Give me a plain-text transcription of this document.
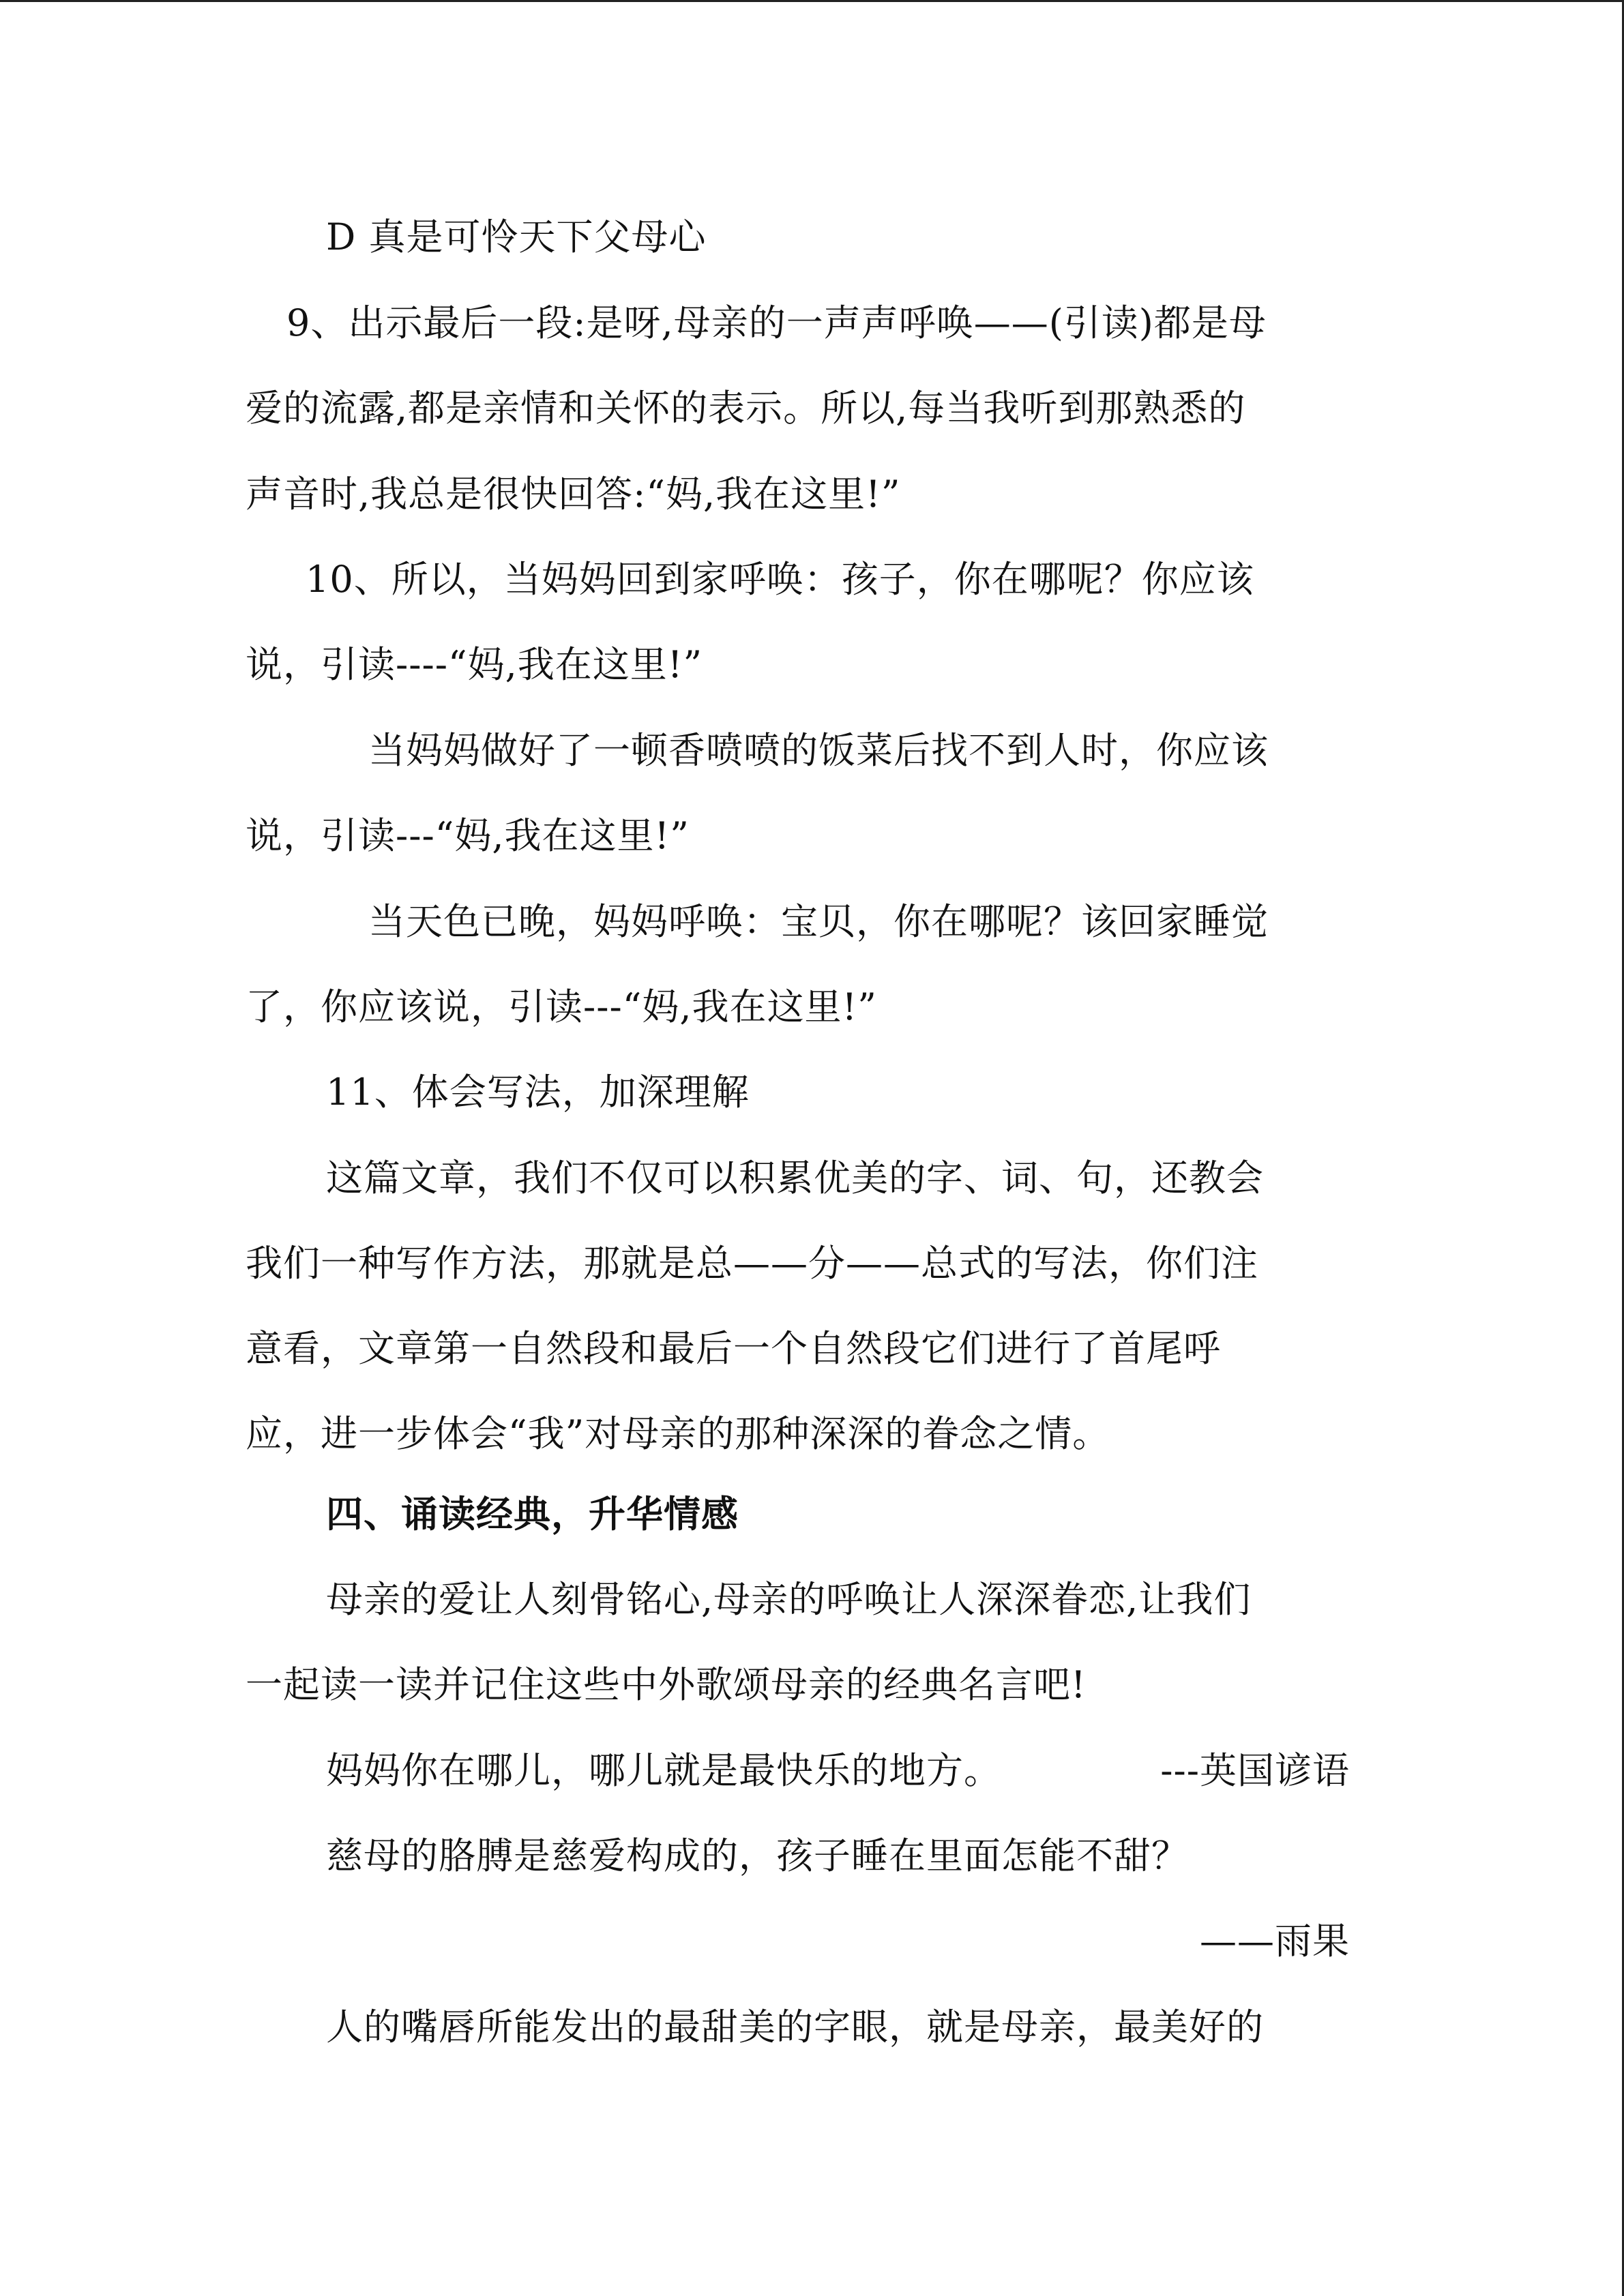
D 真是可怜天下父母心
9、出示最后一段:是呀,母亲的一声声呼唤——(引读)都是母
爱的流露,都是亲情和关怀的表示。所以,每当我听到那熟悉的
声音时,我总是很快回答:“妈,我在这里!”
10、所以，当妈妈回到家呼唤：孩子，你在哪呢？你应该
说，引读----“妈,我在这里!”
当妈妈做好了一顿香喷喷的饭菜后找不到人时，你应该
说，引读---“妈,我在这里!”
当天色已晚，妈妈呼唤：宝贝，你在哪呢？该回家睡觉
了，你应该说，引读---“妈,我在这里!”
11、体会写法，加深理解
这篇文章，我们不仅可以积累优美的字、词、句，还教会
我们一种写作方法，那就是总——分——总式的写法，你们注
意看，文章第一自然段和最后一个自然段它们进行了首尾呼
应，进一步体会“我”对母亲的那种深深的眷念之情。
四、诵读经典，升华情感
母亲的爱让人刻骨铭心,母亲的呼唤让人深深眷恋,让我们
一起读一读并记住这些中外歌颂母亲的经典名言吧!
妈妈你在哪儿，哪儿就是最快乐的地方。	---英国谚语
慈母的胳膊是慈爱构成的，孩子睡在里面怎能不甜？
——雨果
人的嘴唇所能发出的最甜美的字眼，就是母亲，最美好的
